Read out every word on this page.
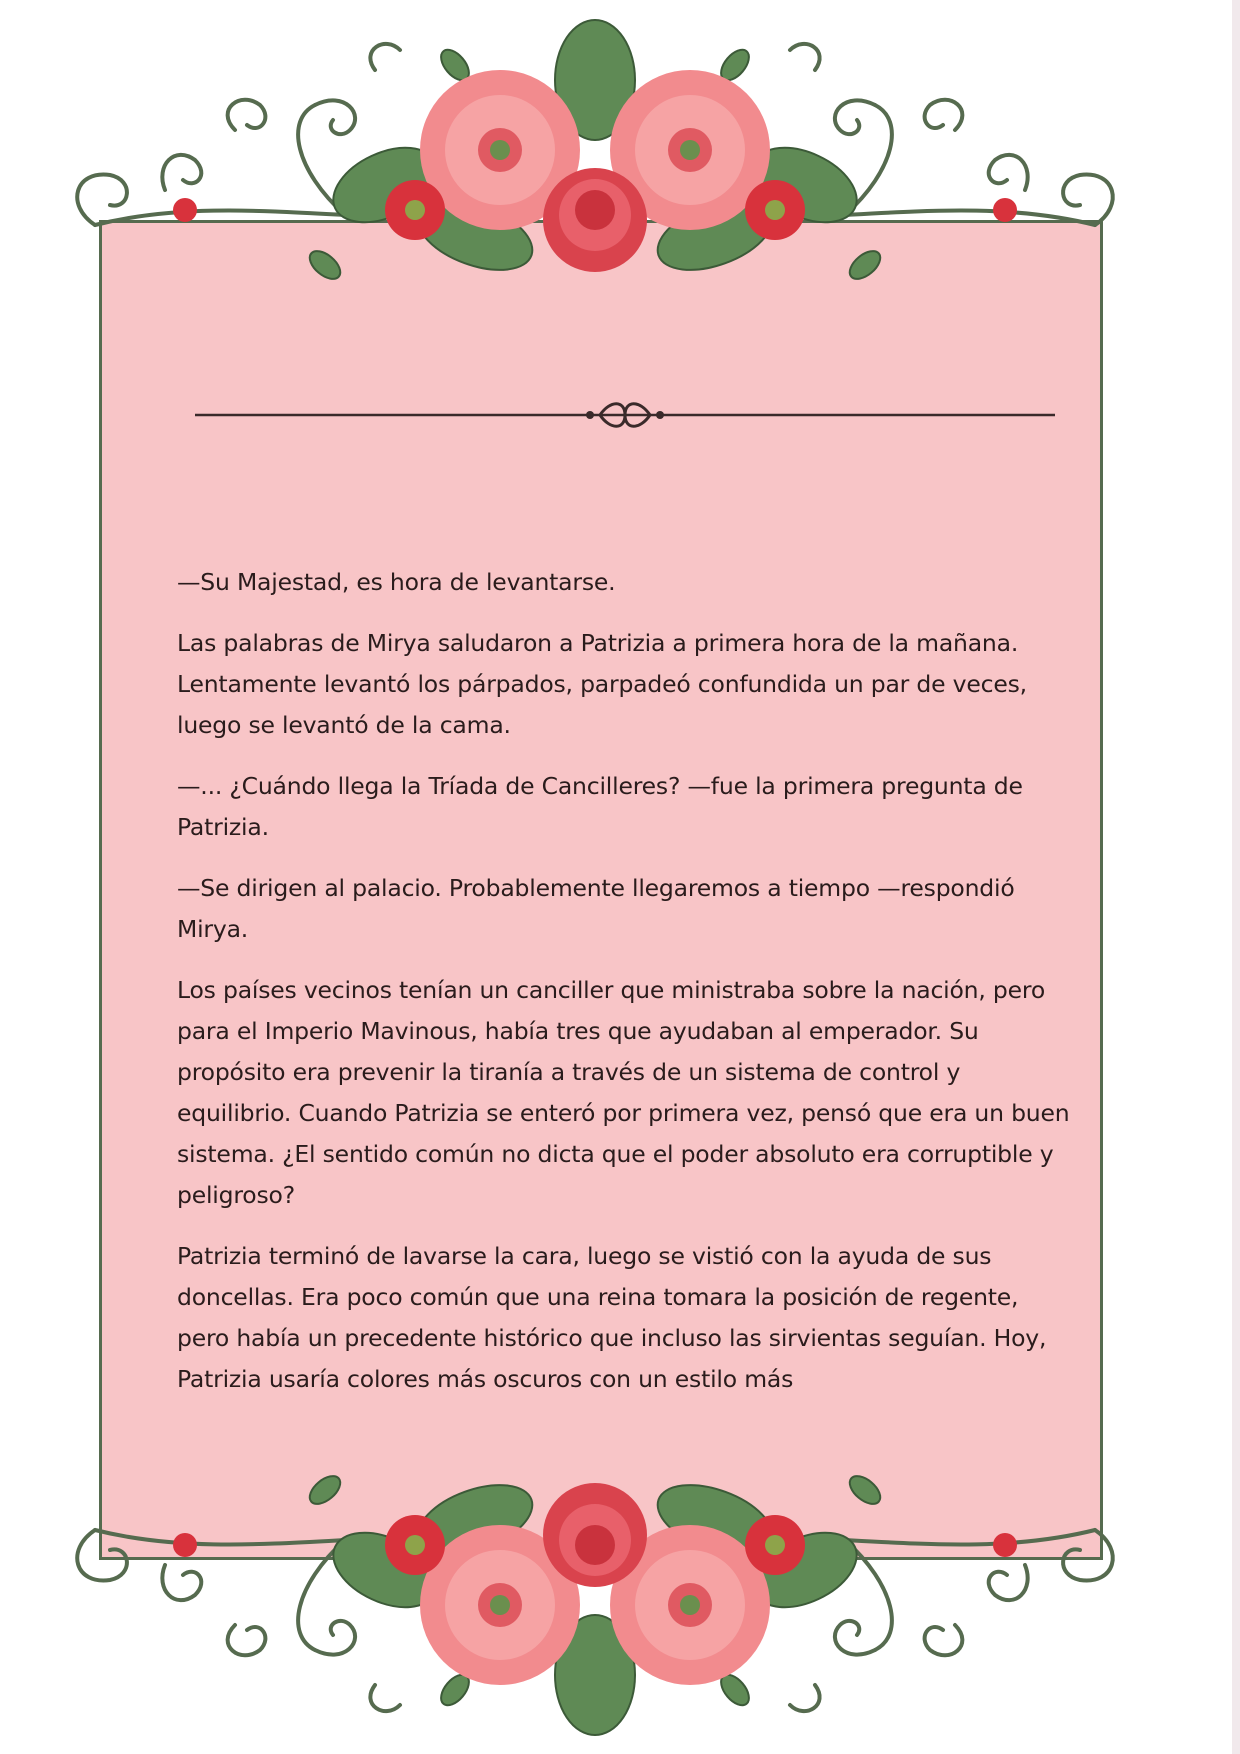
—Su Majestad, es hora de levantarse.

Las palabras de Mirya saludaron a Patrizia a primera hora de la mañana. Lentamente levantó los párpados, parpadeó confundida un par de veces, luego se levantó de la cama.

—... ¿Cuándo llega la Tríada de Cancilleres? —fue la primera pregunta de Patrizia.

—Se dirigen al palacio. Probablemente llegaremos a tiempo —respondió Mirya.

Los países vecinos tenían un canciller que ministraba sobre la nación, pero para el Imperio Mavinous, había tres que ayudaban al emperador. Su propósito era prevenir la tiranía a través de un sistema de control y equilibrio. Cuando Patrizia se enteró por primera vez, pensó que era un buen sistema. ¿El sentido común no dicta que el poder absoluto era corruptible y peligroso?

Patrizia terminó de lavarse la cara, luego se vistió con la ayuda de sus doncellas. Era poco común que una reina tomara la posición de regente, pero había un precedente histórico que incluso las sirvientas seguían. Hoy, Patrizia usaría colores más oscuros con un estilo más
